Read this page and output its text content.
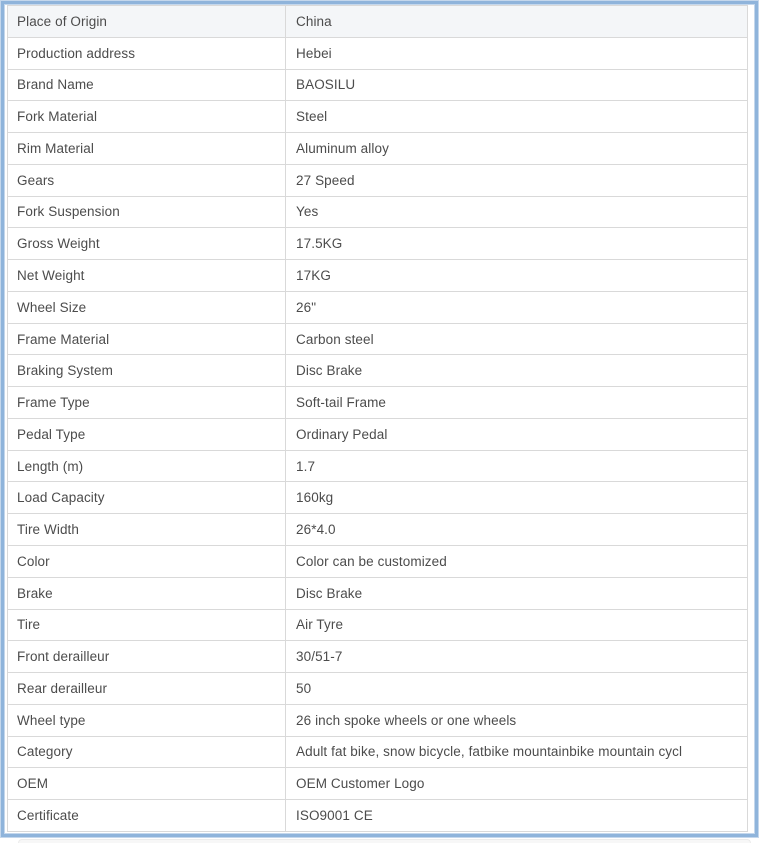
Place of Origin	China
Production address	Hebei
Brand Name	BAOSILU
Fork Material	Steel
Rim Material	Aluminum alloy
Gears	27 Speed
Fork Suspension	Yes
Gross Weight	17.5KG
Net Weight	17KG
Wheel Size	26"
Frame Material	Carbon steel
Braking System	Disc Brake
Frame Type	Soft-tail Frame
Pedal Type	Ordinary Pedal
Length (m)	1.7
Load Capacity	160kg
Tire Width	26*4.0
Color	Color can be customized
Brake	Disc Brake
Tire	Air Tyre
Front derailleur	30/51-7
Rear derailleur	50
Wheel type	26 inch spoke wheels or one wheels
Category	Adult fat bike, snow bicycle, fatbike mountainbike mountain cycl
OEM	OEM Customer Logo
Certificate	ISO9001 CE
